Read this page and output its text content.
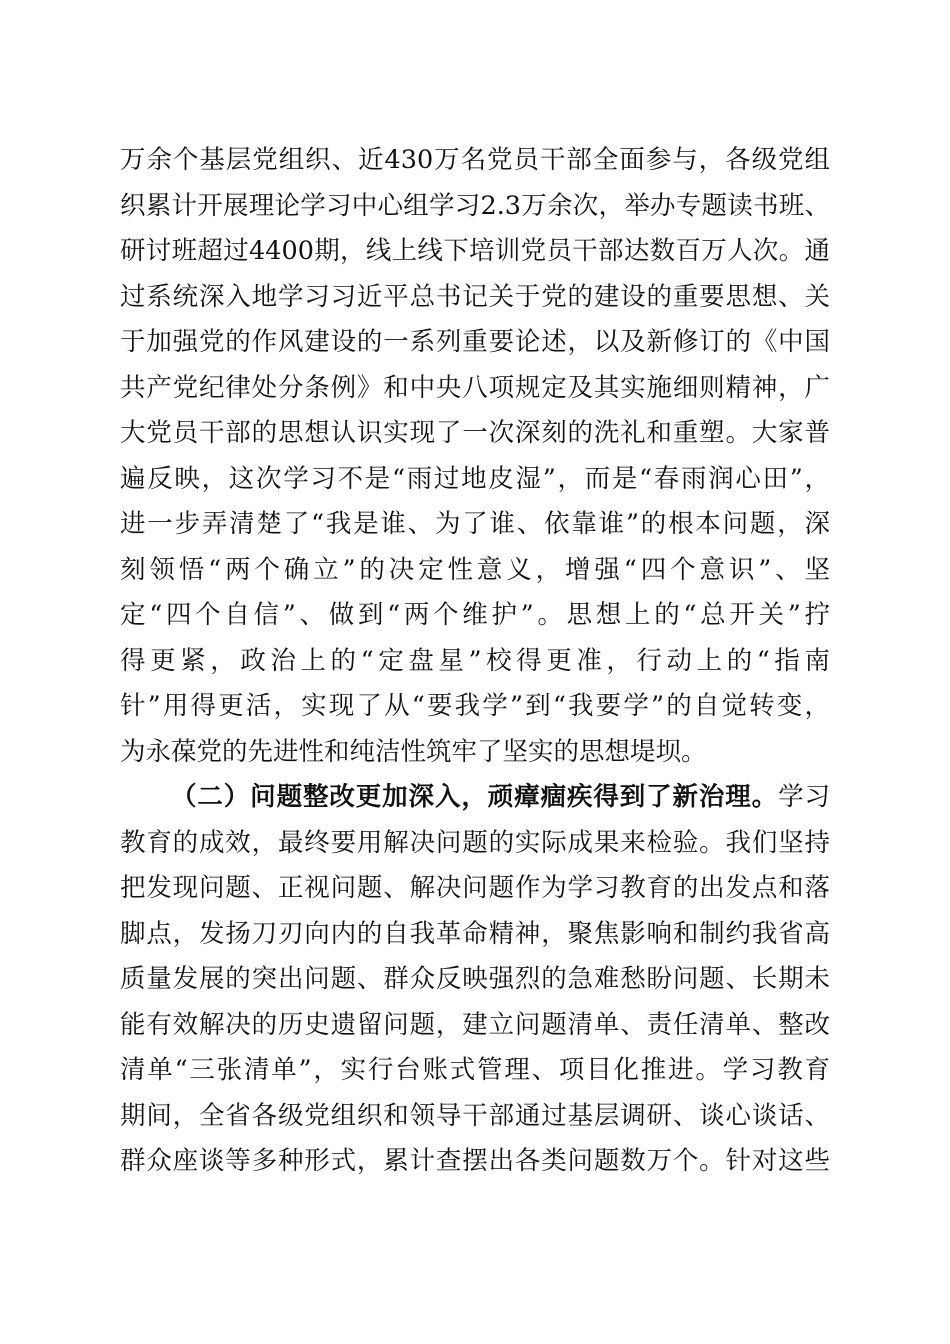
万余个基层党组织、近430万名党员干部全面参与，各级党组
织累计开展理论学习中心组学习2.3万余次，举办专题读书班、
研讨班超过4400期，线上线下培训党员干部达数百万人次。通
过系统深入地学习习近平总书记关于党的建设的重要思想、关
于加强党的作风建设的一系列重要论述，以及新修订的《中国
共产党纪律处分条例》和中央八项规定及其实施细则精神，广
大党员干部的思想认识实现了一次深刻的洗礼和重塑。大家普
遍反映，这次学习不是“雨过地皮湿”，而是“春雨润心田”，
进一步弄清楚了“我是谁、为了谁、依靠谁”的根本问题，深
刻领悟“两个确立”的决定性意义，增强“四个意识”、坚
定“四个自信”、做到“两个维护”。思想上的“总开关”拧
得更紧，政治上的“定盘星”校得更准，行动上的“指南
针”用得更活，实现了从“要我学”到“我要学”的自觉转变，
为永葆党的先进性和纯洁性筑牢了坚实的思想堤坝。
（二）问题整改更加深入，顽瘴痼疾得到了新治理。学习
教育的成效，最终要用解决问题的实际成果来检验。我们坚持
把发现问题、正视问题、解决问题作为学习教育的出发点和落
脚点，发扬刀刃向内的自我革命精神，聚焦影响和制约我省高
质量发展的突出问题、群众反映强烈的急难愁盼问题、长期未
能有效解决的历史遗留问题，建立问题清单、责任清单、整改
清单“三张清单”，实行台账式管理、项目化推进。学习教育
期间，全省各级党组织和领导干部通过基层调研、谈心谈话、
群众座谈等多种形式，累计查摆出各类问题数万个。针对这些
